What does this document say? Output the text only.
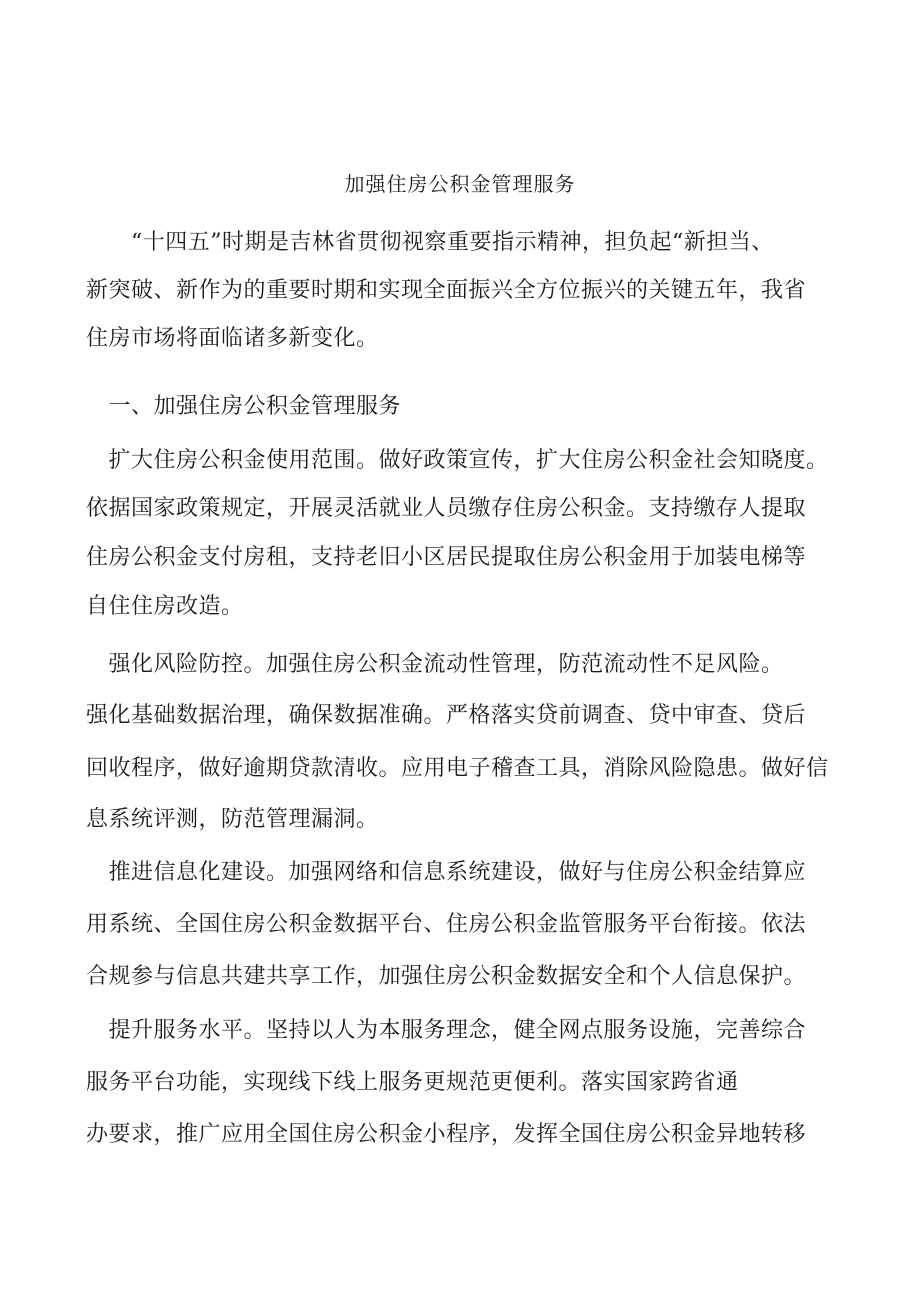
加强住房公积金管理服务
　　“十四五”时期是吉林省贯彻视察重要指示精神，担负起“新担当、
新突破、新作为的重要时期和实现全面振兴全方位振兴的关键五年，我省
住房市场将面临诸多新变化。
　一、加强住房公积金管理服务
　扩大住房公积金使用范围。做好政策宣传，扩大住房公积金社会知晓度。
依据国家政策规定，开展灵活就业人员缴存住房公积金。支持缴存人提取
住房公积金支付房租，支持老旧小区居民提取住房公积金用于加装电梯等
自住住房改造。
　强化风险防控。加强住房公积金流动性管理，防范流动性不足风险。
强化基础数据治理，确保数据准确。严格落实贷前调查、贷中审查、贷后
回收程序，做好逾期贷款清收。应用电子稽查工具，消除风险隐患。做好信
息系统评测，防范管理漏洞。
　推进信息化建设。加强网络和信息系统建设，做好与住房公积金结算应
用系统、全国住房公积金数据平台、住房公积金监管服务平台衔接。依法
合规参与信息共建共享工作，加强住房公积金数据安全和个人信息保护。
　提升服务水平。坚持以人为本服务理念，健全网点服务设施，完善综合
服务平台功能，实现线下线上服务更规范更便利。落实国家跨省通
办要求，推广应用全国住房公积金小程序，发挥全国住房公积金异地转移
